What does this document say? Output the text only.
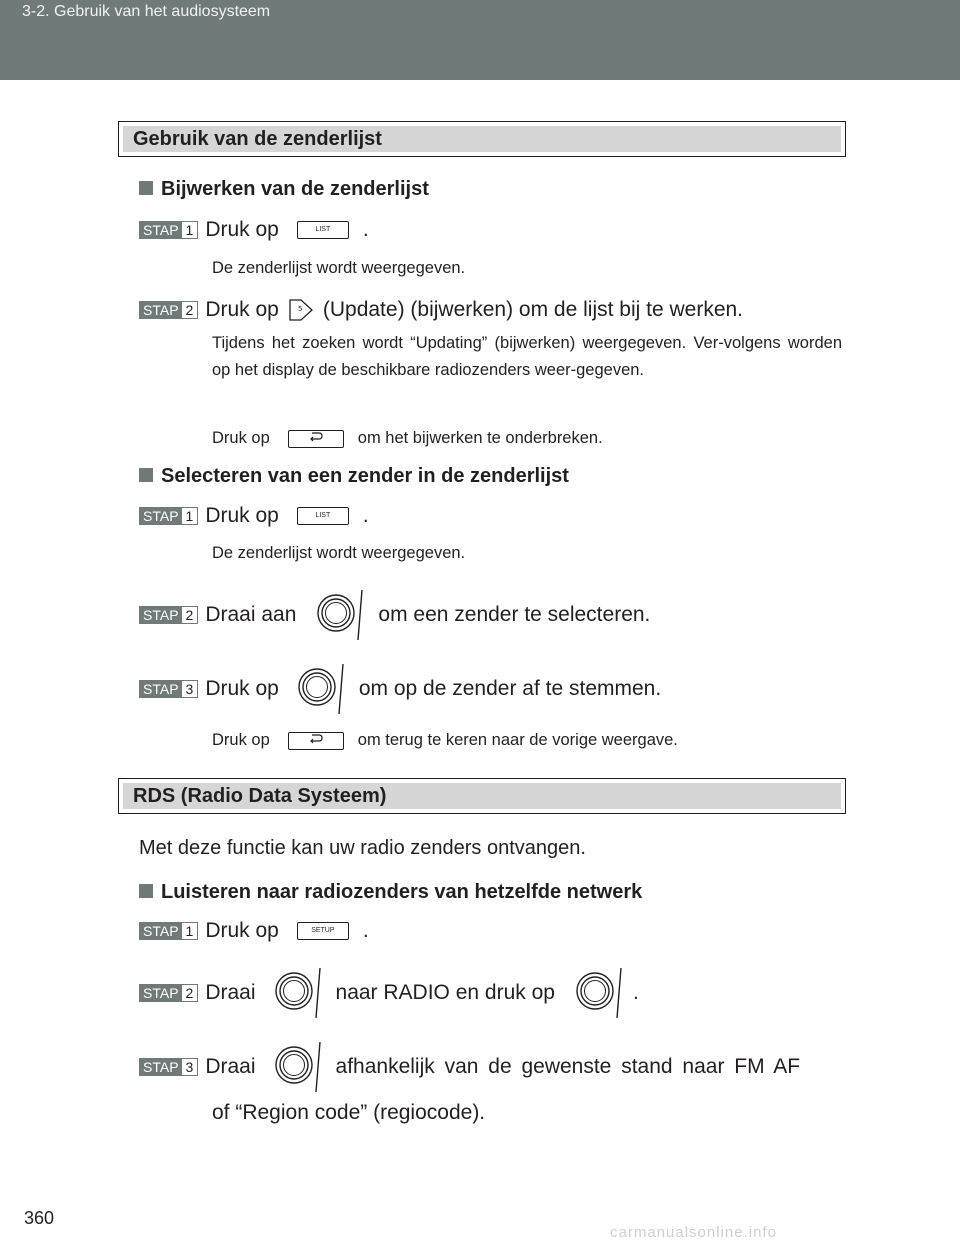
3-2. Gebruik van het audiosysteem
Gebruik van de zenderlijst
Bijwerken van de zenderlijst
STAP 1 Druk op	LIST	.
De zenderlijst wordt weergegeven.
STAP 2 Druk op	5 (Update) (bijwerken) om de lijst bij te werken.
Tijdens het zoeken wordt “Updating” (bijwerken) weergegeven. Ver-volgens worden op het display de beschikbare radiozenders weer-gegeven.
Druk op	om het bijwerken te onderbreken.
Selecteren van een zender in de zenderlijst
STAP 1 Druk op	LIST	.
De zenderlijst wordt weergegeven.
STAP 2 Draai aan	om een zender te selecteren.
STAP 3 Druk op	om op de zender af te stemmen.
Druk op	om terug te keren naar de vorige weergave.
RDS (Radio Data Systeem)
Met deze functie kan uw radio zenders ontvangen.
Luisteren naar radiozenders van hetzelfde netwerk
STAP 1 Druk op	SETUP	.
STAP 2 Draai	naar RADIO en druk op	.
STAP 3 Draai	afhankelijk van de gewenste stand naar FM AF
of “Region code” (regiocode).
360
carmanualsonline.info
